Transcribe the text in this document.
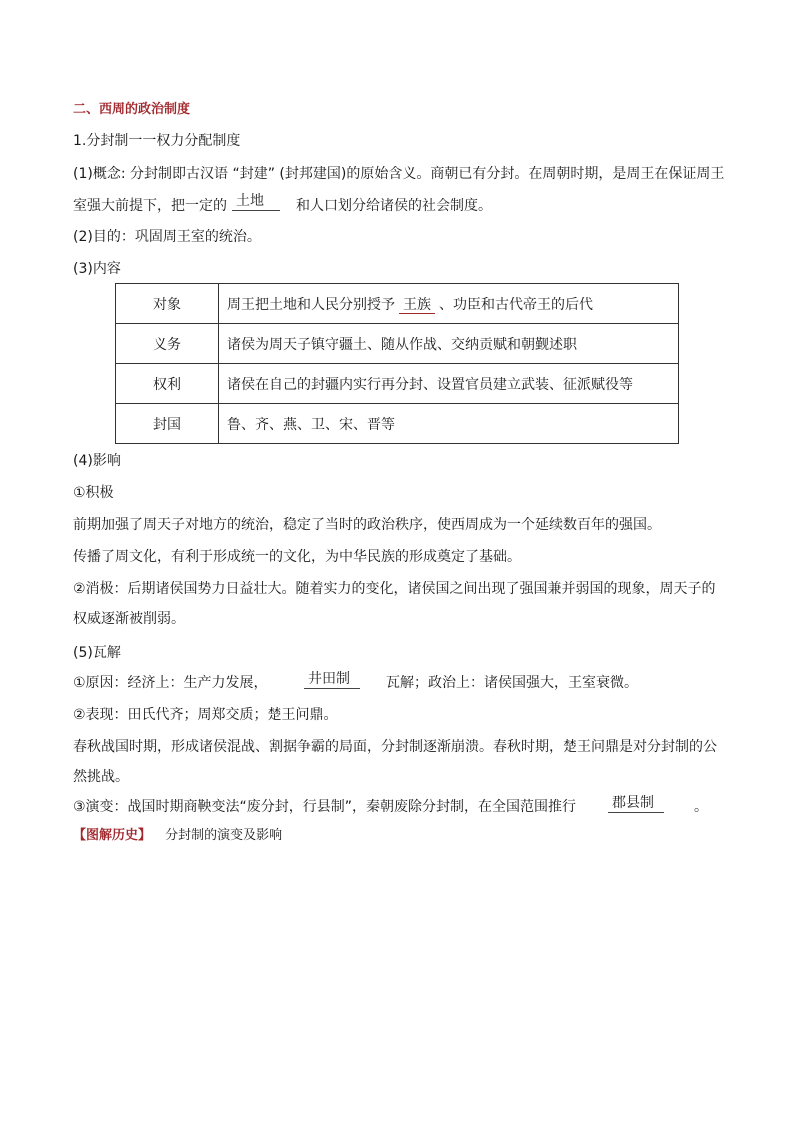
二、西周的政治制度
1.分封制一一权力分配制度
(1)概念: 分封制即古汉语 “封建” (封邦建国)的原始含义。商朝已有分封。在周朝时期，是周王在保证周王
室强大前提下，把一定的 土地	和人口划分给诸侯的社会制度。
(2)目的：巩固周王室的统治。
(3)内容
对象	周王把土地和人民分别授予 王族 、功臣和古代帝王的后代
义务	诸侯为周天子镇守疆土、随从作战、交纳贡赋和朝觐述职
权利	诸侯在自己的封疆内实行再分封、设置官员建立武装、征派赋役等
封国	鲁、齐、燕、卫、宋、晋等
(4)影响
①积极
前期加强了周天子对地方的统治，稳定了当时的政治秩序，使西周成为一个延续数百年的强国。
传播了周文化，有利于形成统一的文化，为中华民族的形成奠定了基础。
②消极：后期诸侯国势力日益壮大。随着实力的变化，诸侯国之间出现了强国兼并弱国的现象，周天子的
权威逐渐被削弱。
(5)瓦解
①原因：经济上：生产力发展，	井田制	瓦解；政治上：诸侯国强大，王室衰微。
②表现：田氏代齐；周郑交质；楚王问鼎。
春秋战国时期，形成诸侯混战、割据争霸的局面，分封制逐渐崩溃。春秋时期，楚王问鼎是对分封制的公
然挑战。
③演变：战国时期商鞅变法“废分封，行县制”，秦朝废除分封制，在全国范围推行	郡县制	。
【图解历史】 分封制的演变及影响
